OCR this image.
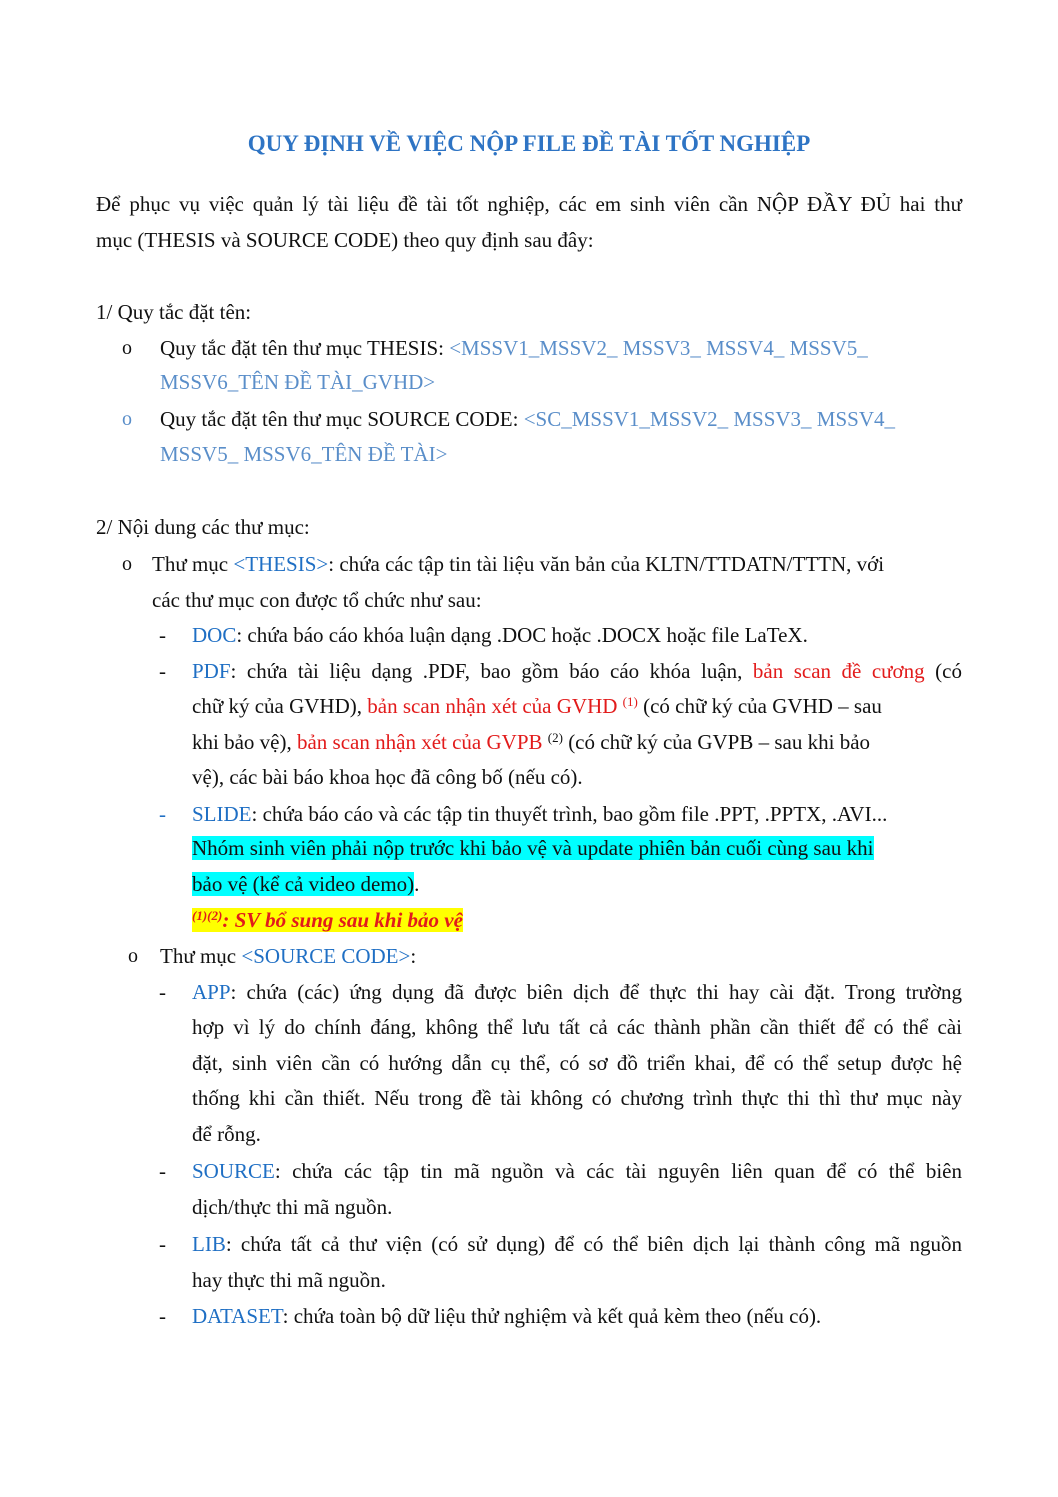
QUY ĐỊNH VỀ VIỆC NỘP FILE ĐỀ TÀI TỐT NGHIỆP
Để phục vụ việc quản lý tài liệu đề tài tốt nghiệp, các em sinh viên cần NỘP ĐẦY ĐỦ hai thư
mục (THESIS và SOURCE CODE) theo quy định sau đây:
1/ Quy tắc đặt tên:
o Quy tắc đặt tên thư mục THESIS: <MSSV1_MSSV2_ MSSV3_ MSSV4_ MSSV5_
MSSV6_TÊN ĐỀ TÀI_GVHD>
o Quy tắc đặt tên thư mục SOURCE CODE: <SC_MSSV1_MSSV2_ MSSV3_ MSSV4_
MSSV5_ MSSV6_TÊN ĐỀ TÀI>
2/ Nội dung các thư mục:
o Thư mục <THESIS>: chứa các tập tin tài liệu văn bản của KLTN/TTDATN/TTTN, với
các thư mục con được tổ chức như sau:
- DOC: chứa báo cáo khóa luận dạng .DOC hoặc .DOCX hoặc file LaTeX.
- PDF: chứa tài liệu dạng .PDF, bao gồm báo cáo khóa luận, bản scan đề cương (có
chữ ký của GVHD), bản scan nhận xét của GVHD $^{(1)}$ (có chữ ký của GVHD – sau
khi bảo vệ), bản scan nhận xét của GVPB $^{(2)}$ (có chữ ký của GVPB – sau khi bảo
vệ), các bài báo khoa học đã công bố (nếu có).
- SLIDE: chứa báo cáo và các tập tin thuyết trình, bao gồm file .PPT, .PPTX, .AVI...
Nhóm sinh viên phải nộp trước khi bảo vệ và update phiên bản cuối cùng sau khi
bảo vệ (kể cả video demo).
$^{(1)(2)}$: SV bổ sung sau khi bảo vệ
o Thư mục <SOURCE CODE>:
- APP: chứa (các) ứng dụng đã được biên dịch để thực thi hay cài đặt. Trong trường
hợp vì lý do chính đáng, không thể lưu tất cả các thành phần cần thiết để có thể cài
đặt, sinh viên cần có hướng dẫn cụ thể, có sơ đồ triển khai, để có thể setup được hệ
thống khi cần thiết. Nếu trong đề tài không có chương trình thực thi thì thư mục này
để rỗng.
- SOURCE: chứa các tập tin mã nguồn và các tài nguyên liên quan để có thể biên
dịch/thực thi mã nguồn.
- LIB: chứa tất cả thư viện (có sử dụng) để có thể biên dịch lại thành công mã nguồn
hay thực thi mã nguồn.
- DATASET: chứa toàn bộ dữ liệu thử nghiệm và kết quả kèm theo (nếu có).
